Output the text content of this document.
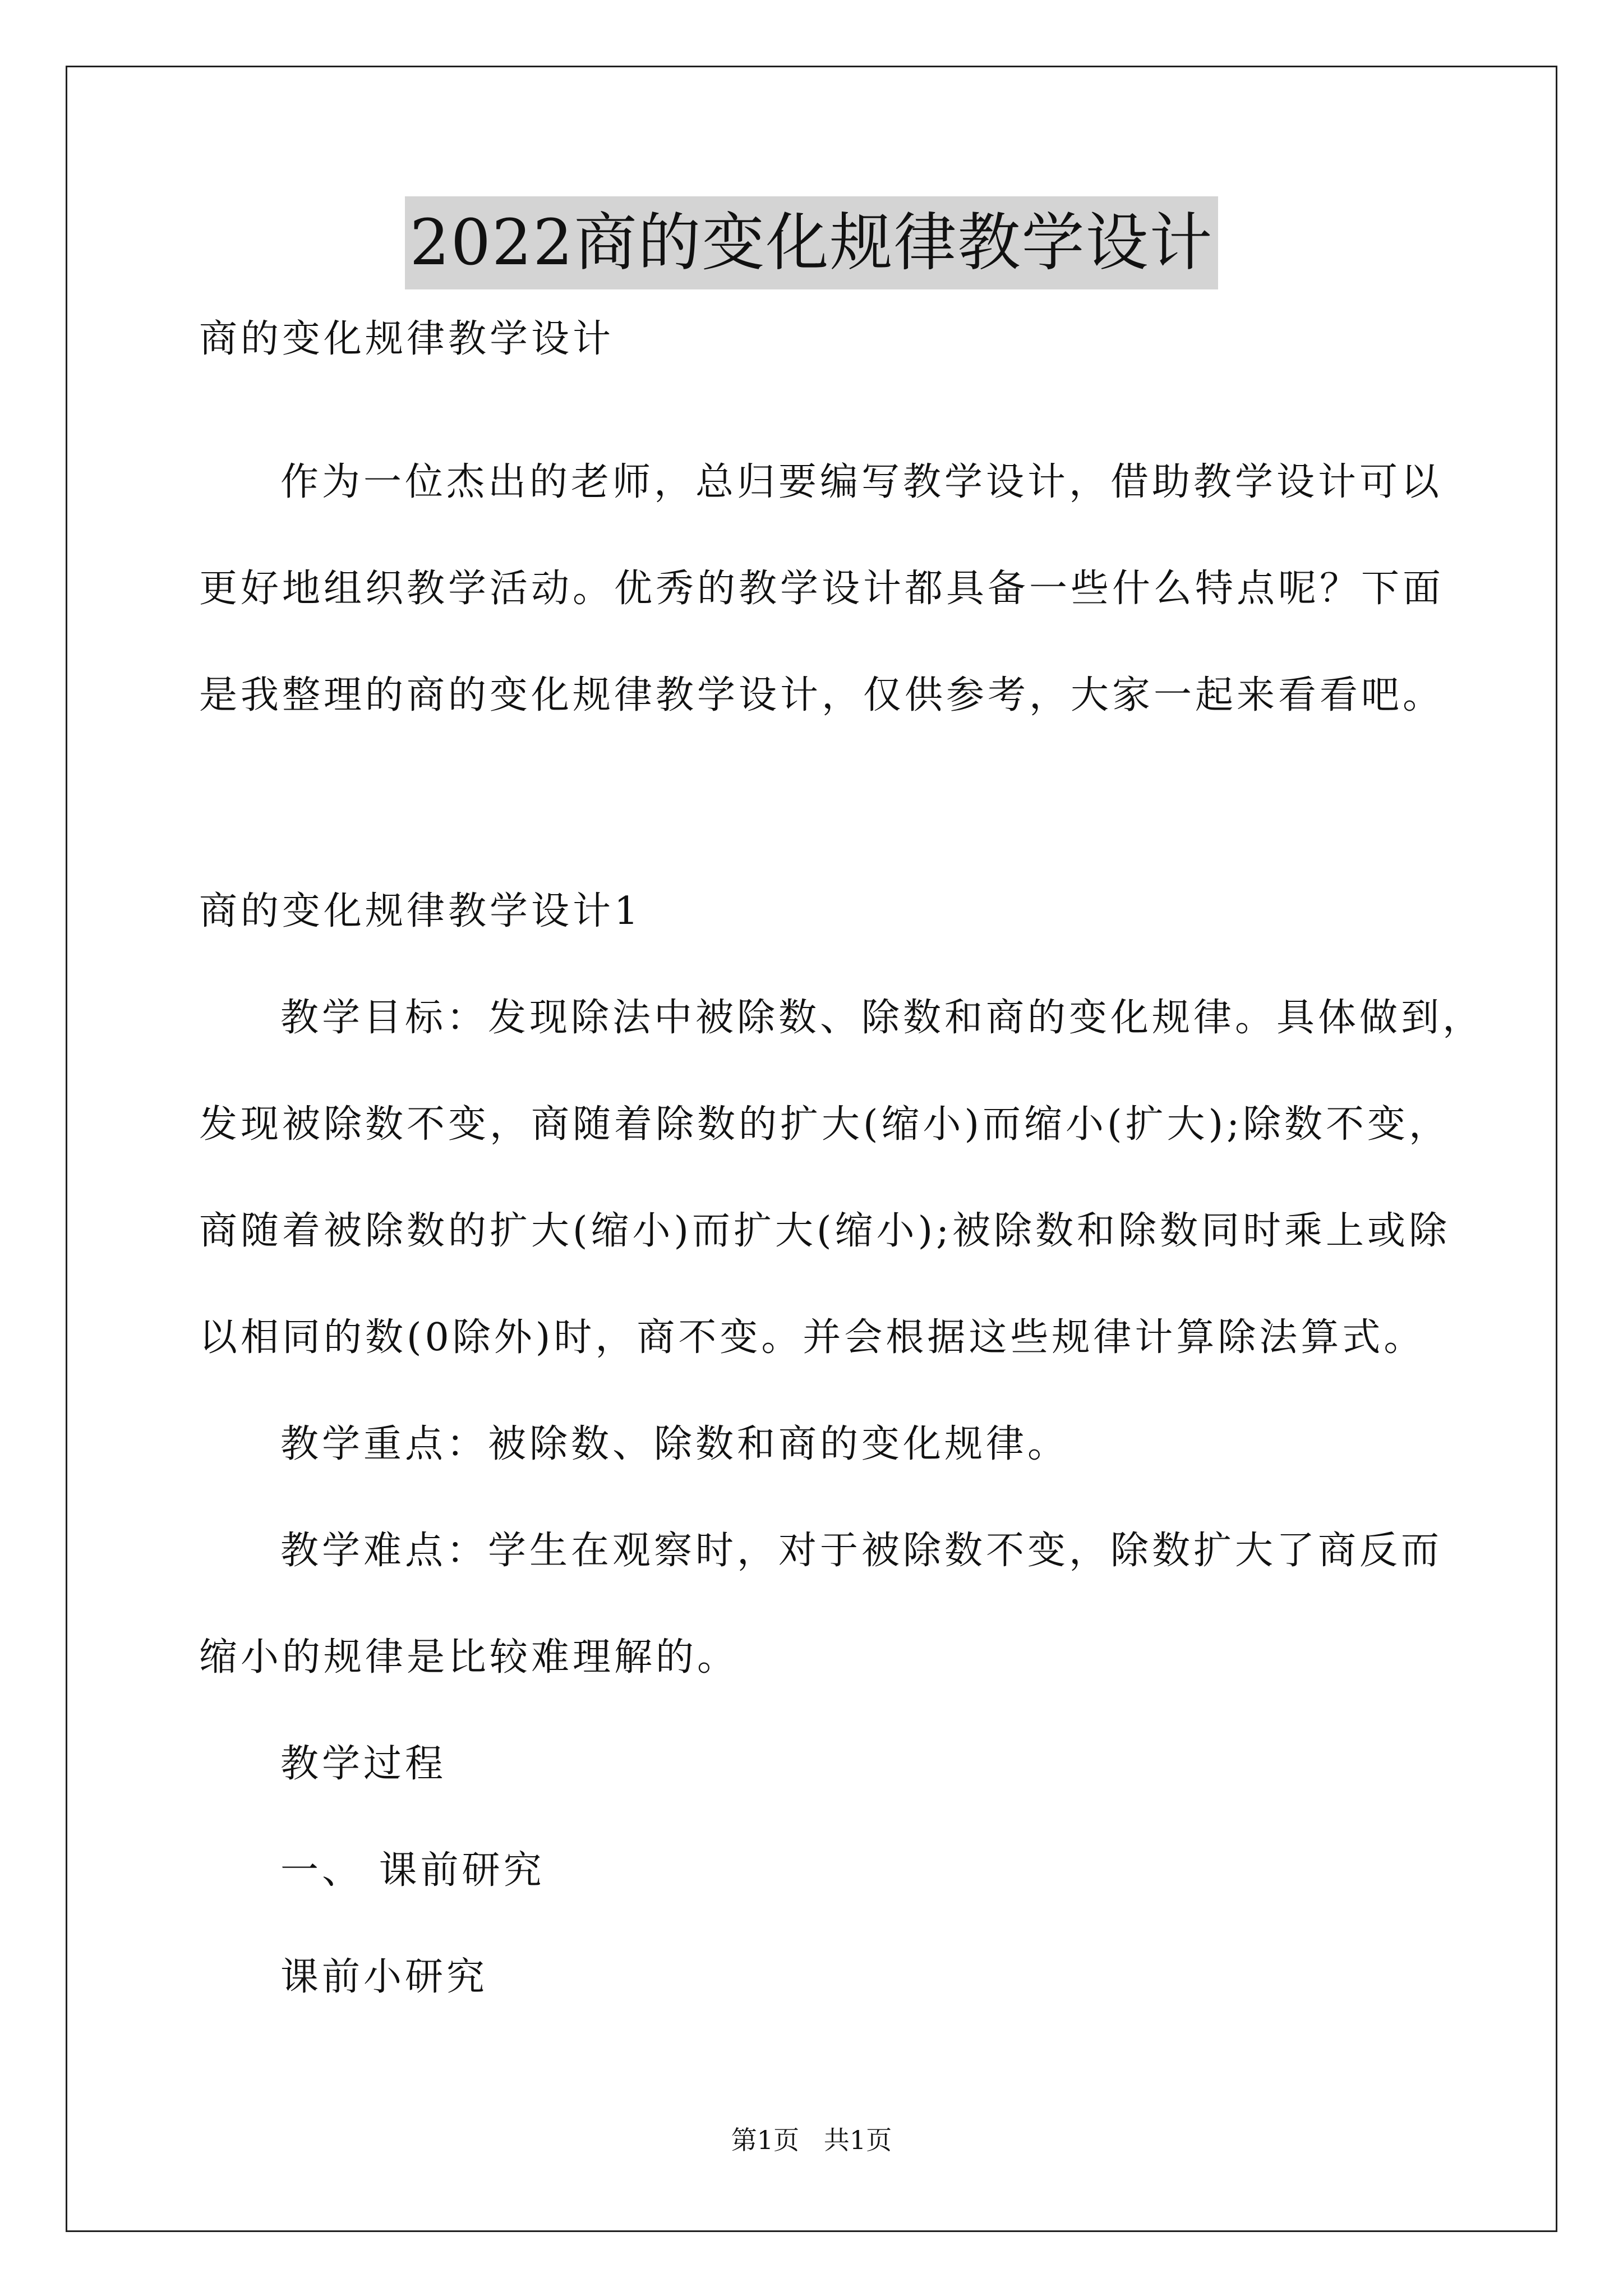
2022商的变化规律教学设计
商的变化规律教学设计
作为一位杰出的老师，总归要编写教学设计，借助教学设计可以
更好地组织教学活动。优秀的教学设计都具备一些什么特点呢？下面
是我整理的商的变化规律教学设计，仅供参考，大家一起来看看吧。
商的变化规律教学设计1
教学目标：发现除法中被除数、除数和商的变化规律。具体做到，
发现被除数不变，商随着除数的扩大(缩小)而缩小(扩大);除数不变，
商随着被除数的扩大(缩小)而扩大(缩小);被除数和除数同时乘上或除
以相同的数(0除外)时，商不变。并会根据这些规律计算除法算式。
教学重点：被除数、除数和商的变化规律。
教学难点：学生在观察时，对于被除数不变，除数扩大了商反而
缩小的规律是比较难理解的。
教学过程
一、 课前研究
课前小研究
第1页   共1页
